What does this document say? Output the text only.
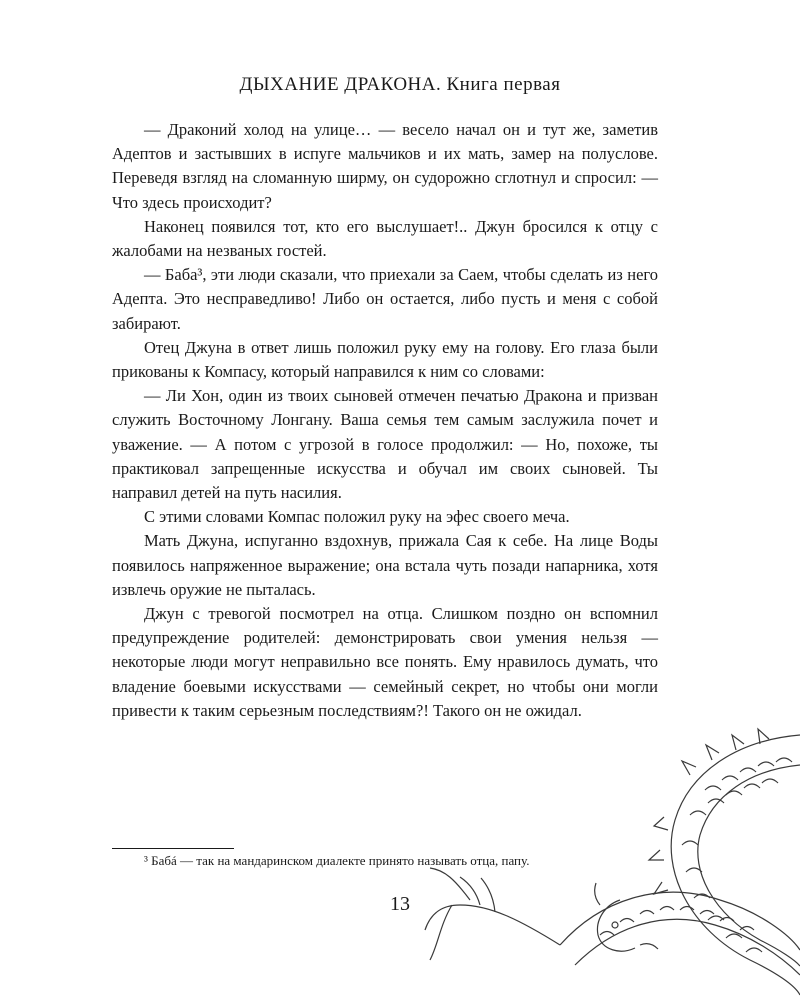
ДЫХАНИЕ ДРАКОНА. Книга первая

— Драконий холод на улице… — весело начал он и тут же, заметив Адептов и застывших в испуге мальчиков и их мать, замер на полуслове. Переведя взгляд на сломанную ширму, он судорожно сглотнул и спросил: — Что здесь происходит?

Наконец появился тот, кто его выслушает!.. Джун бросился к отцу с жалобами на незваных гостей.

— Баба³, эти люди сказали, что приехали за Саем, чтобы сделать из него Адепта. Это несправедливо! Либо он остается, либо пусть и меня с собой забирают.

Отец Джуна в ответ лишь положил руку ему на голову. Его глаза были прикованы к Компасу, который направился к ним со словами:

— Ли Хон, один из твоих сыновей отмечен печатью Дракона и призван служить Восточному Лонгану. Ваша семья тем самым заслужила почет и уважение. — А потом с угрозой в голосе продолжил: — Но, похоже, ты практиковал запрещенные искусства и обучал им своих сыновей. Ты направил детей на путь насилия.

С этими словами Компас положил руку на эфес своего меча.

Мать Джуна, испуганно вздохнув, прижала Сая к себе. На лице Воды появилось напряженное выражение; она встала чуть позади напарника, хотя извлечь оружие не пыталась.

Джун с тревогой посмотрел на отца. Слишком поздно он вспомнил предупреждение родителей: демонстрировать свои умения нельзя — некоторые люди могут неправильно все понять. Ему нравилось думать, что владение боевыми искусствами — семейный секрет, но чтобы они могли привести к таким серьезным последствиям?! Такого он не ожидал.

³ Бабá — так на мандаринском диалекте принято называть отца, папу.
13
